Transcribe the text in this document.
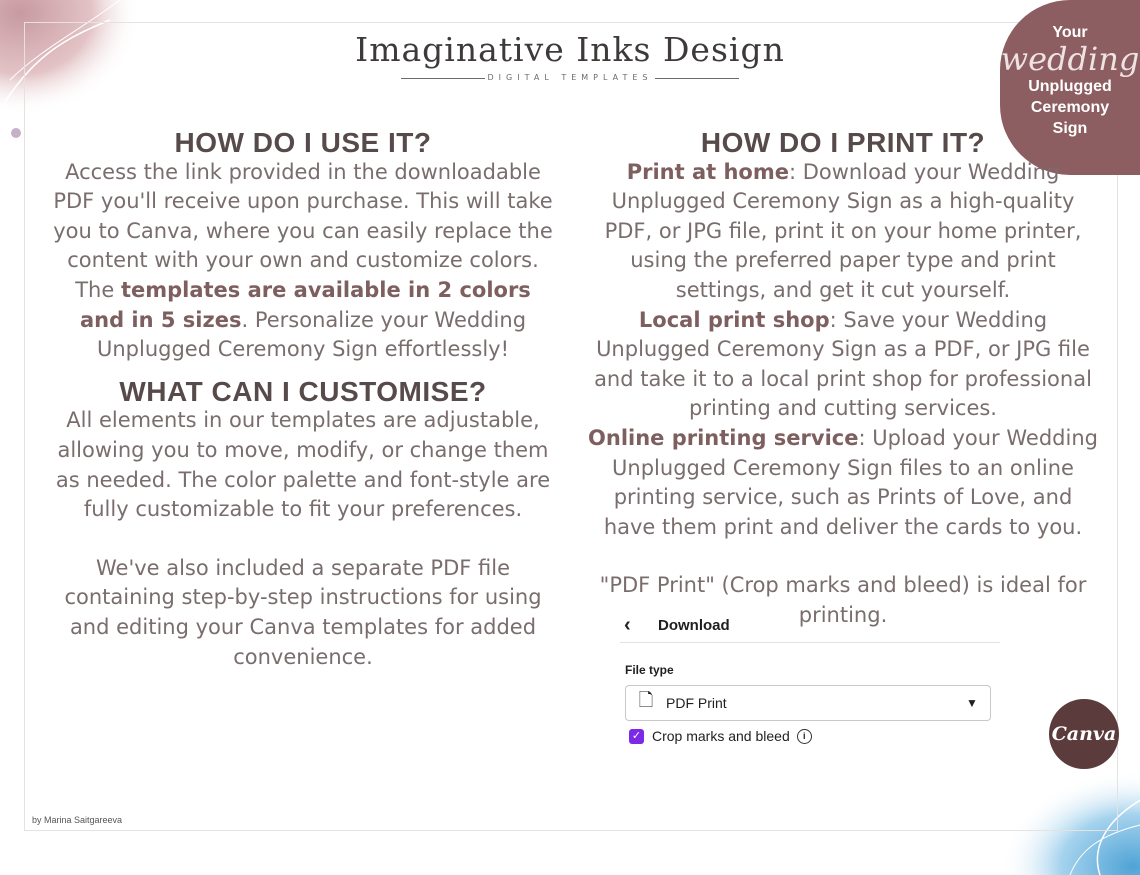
Imaginative Inks Design
DIGITAL TEMPLATES
Your
wedding
Unplugged
Ceremony
Sign
HOW DO I USE IT?

Access the link provided in the downloadable PDF you'll receive upon purchase. This will take you to Canva, where you can easily replace the content with your own and customize colors. The templates are available in 2 colors and in 5 sizes. Personalize your Wedding Unplugged Ceremony Sign effortlessly!

WHAT CAN I CUSTOMISE?

All elements in our templates are adjustable, allowing you to move, modify, or change them as needed. The color palette and font-style are fully customizable to fit your preferences.

We've also included a separate PDF file containing step-by-step instructions for using and editing your Canva templates for added convenience.

HOW DO I PRINT IT?

Print at home: Download your Wedding Unplugged Ceremony Sign as a high-quality PDF, or JPG file, print it on your home printer, using the preferred paper type and print settings, and get it cut yourself.

Local print shop: Save your Wedding Unplugged Ceremony Sign as a PDF, or JPG file and take it to a local print shop for professional printing and cutting services.

Online printing service: Upload your Wedding Unplugged Ceremony Sign files to an online printing service, such as Prints of Love, and have them print and deliver the cards to you.

"PDF Print" (Crop marks and bleed) is ideal for printing.

‹	Download
File type
🗋 PDF Print	▼
✓ Crop marks and bleed	i	Canva
by Marina Saitgareeva
